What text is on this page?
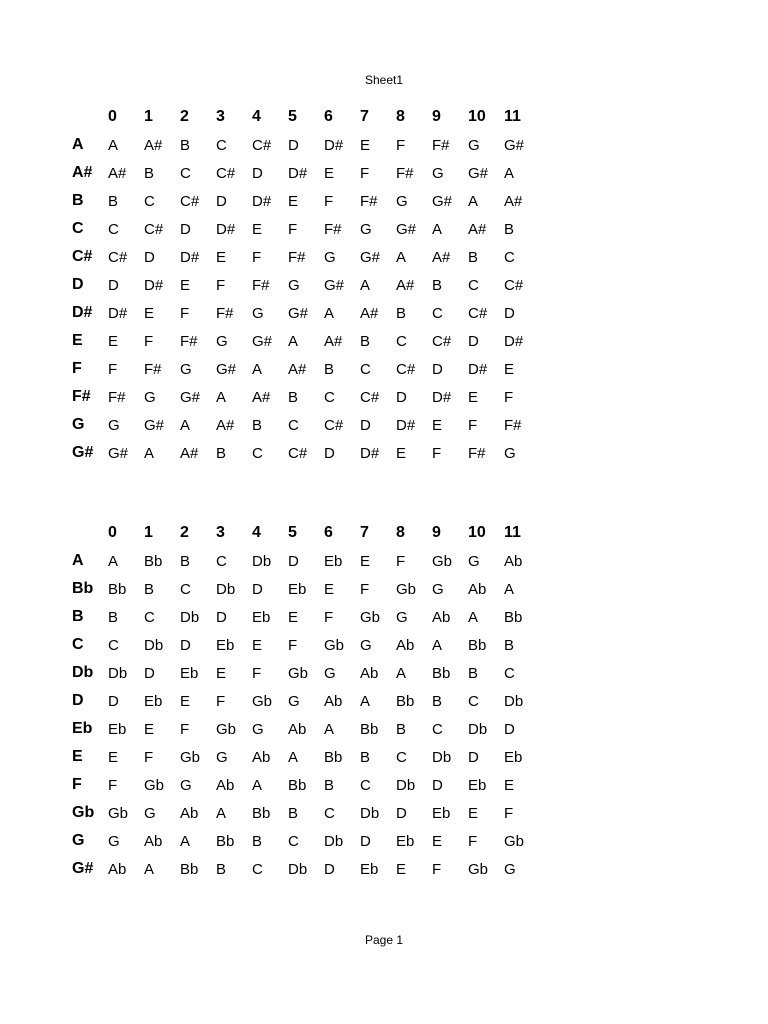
Sheet1
	0	1	2	3	4	5	6	7	8	9	10	11
A	A	A#	B	C	C#	D	D#	E	F	F#	G	G#
A#	A#	B	C	C#	D	D#	E	F	F#	G	G#	A
B	B	C	C#	D	D#	E	F	F#	G	G#	A	A#
C	C	C#	D	D#	E	F	F#	G	G#	A	A#	B
C#	C#	D	D#	E	F	F#	G	G#	A	A#	B	C
D	D	D#	E	F	F#	G	G#	A	A#	B	C	C#
D#	D#	E	F	F#	G	G#	A	A#	B	C	C#	D
E	E	F	F#	G	G#	A	A#	B	C	C#	D	D#
F	F	F#	G	G#	A	A#	B	C	C#	D	D#	E
F#	F#	G	G#	A	A#	B	C	C#	D	D#	E	F
G	G	G#	A	A#	B	C	C#	D	D#	E	F	F#
G#	G#	A	A#	B	C	C#	D	D#	E	F	F#	G
	0	1	2	3	4	5	6	7	8	9	10	11
A	A	Bb	B	C	Db	D	Eb	E	F	Gb	G	Ab
Bb	Bb	B	C	Db	D	Eb	E	F	Gb	G	Ab	A
B	B	C	Db	D	Eb	E	F	Gb	G	Ab	A	Bb
C	C	Db	D	Eb	E	F	Gb	G	Ab	A	Bb	B
Db	Db	D	Eb	E	F	Gb	G	Ab	A	Bb	B	C
D	D	Eb	E	F	Gb	G	Ab	A	Bb	B	C	Db
Eb	Eb	E	F	Gb	G	Ab	A	Bb	B	C	Db	D
E	E	F	Gb	G	Ab	A	Bb	B	C	Db	D	Eb
F	F	Gb	G	Ab	A	Bb	B	C	Db	D	Eb	E
Gb	Gb	G	Ab	A	Bb	B	C	Db	D	Eb	E	F
G	G	Ab	A	Bb	B	C	Db	D	Eb	E	F	Gb
G#	Ab	A	Bb	B	C	Db	D	Eb	E	F	Gb	G
Page 1
